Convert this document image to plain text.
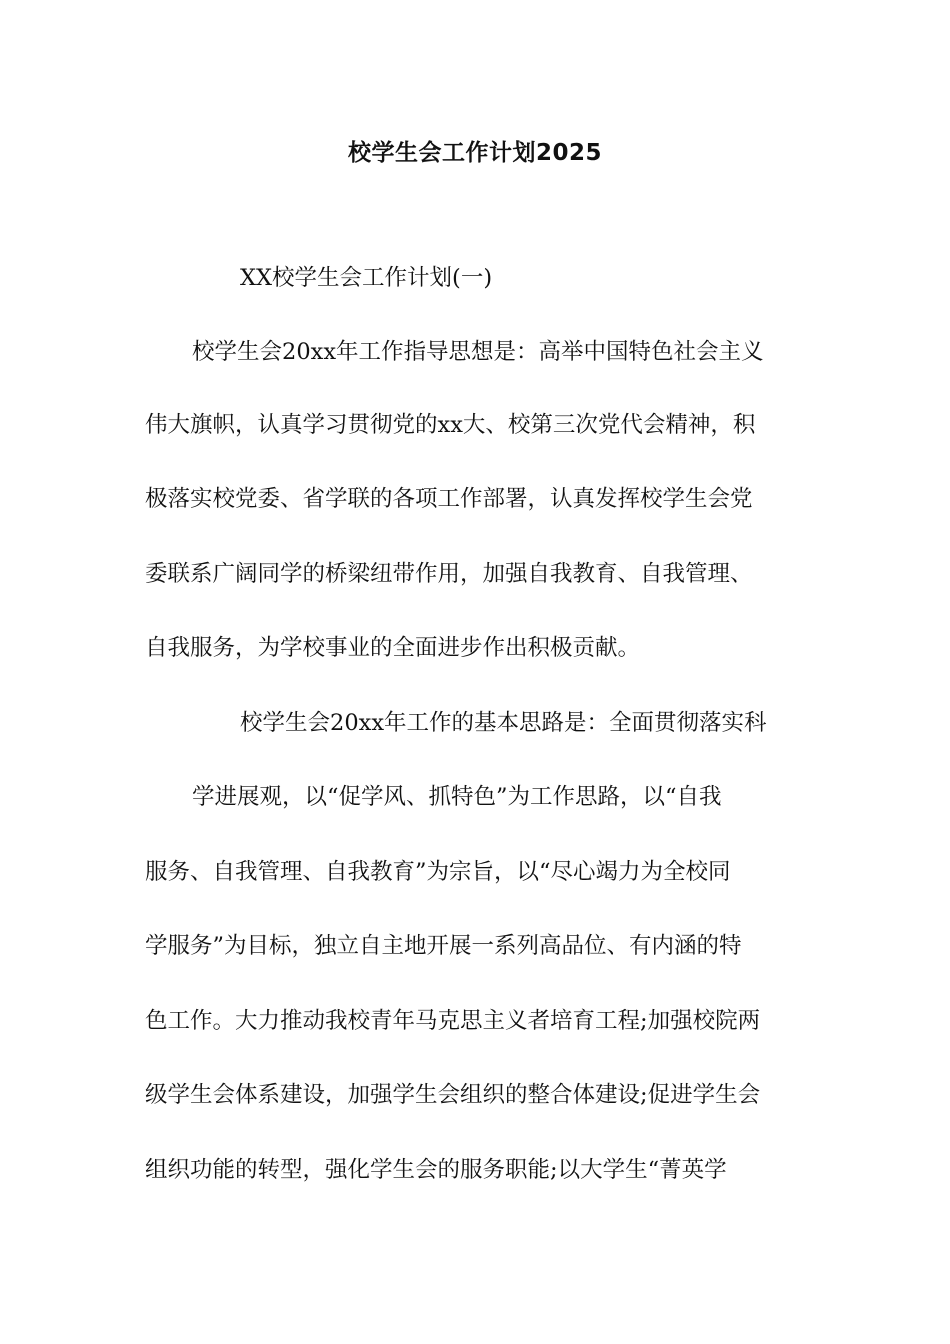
校学生会工作计划2025
XX校学生会工作计划(一)
校学生会20xx年工作指导思想是：高举中国特色社会主义
伟大旗帜，认真学习贯彻党的xx大、校第三次党代会精神，积
极落实校党委、省学联的各项工作部署，认真发挥校学生会党
委联系广阔同学的桥梁纽带作用，加强自我教育、自我管理、
自我服务，为学校事业的全面进步作出积极贡献。
校学生会20xx年工作的基本思路是：全面贯彻落实科
学进展观，以“促学风、抓特色”为工作思路，以“自我
服务、自我管理、自我教育”为宗旨，以“尽心竭力为全校同
学服务”为目标，独立自主地开展一系列高品位、有内涵的特
色工作。大力推动我校青年马克思主义者培育工程;加强校院两
级学生会体系建设，加强学生会组织的整合体建设;促进学生会
组织功能的转型，强化学生会的服务职能;以大学生“菁英学
